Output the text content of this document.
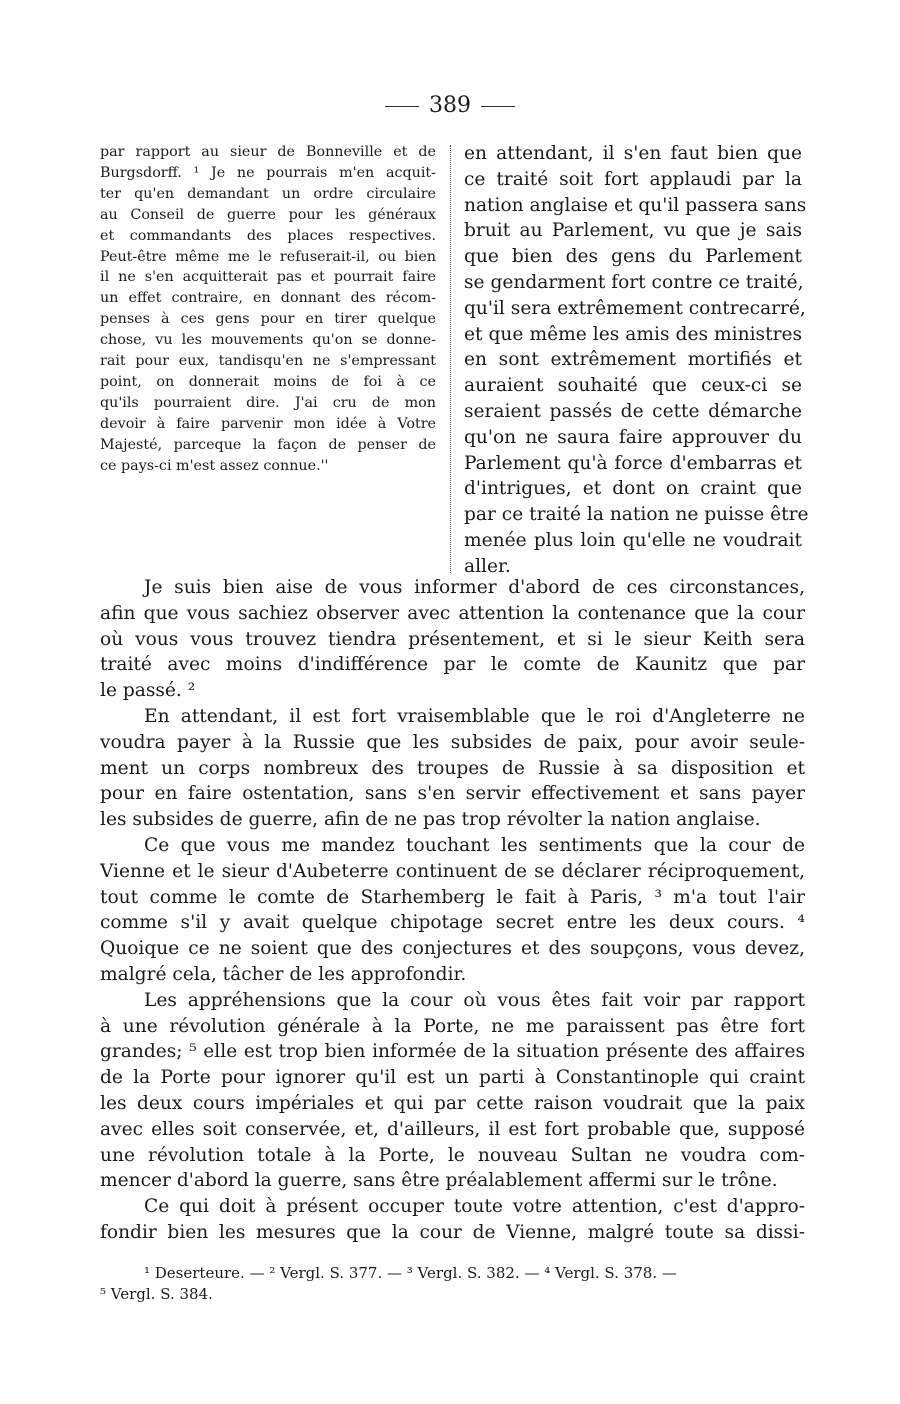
389
par rapport au sieur de Bonneville et de
Burgsdorff. ¹ Je ne pourrais m'en acquit-
ter qu'en demandant un ordre circulaire
au Conseil de guerre pour les généraux
et commandants des places respectives.
Peut-être même me le refuserait-il, ou bien
il ne s'en acquitterait pas et pourrait faire
un effet contraire, en donnant des récom-
penses à ces gens pour en tirer quelque
chose, vu les mouvements qu'on se donne-
rait pour eux, tandisqu'en ne s'empressant
point, on donnerait moins de foi à ce
qu'ils pourraient dire. J'ai cru de mon
devoir à faire parvenir mon idée à Votre
Majesté, parceque la façon de penser de
ce pays-ci m'est assez connue.''
en attendant, il s'en faut bien que
ce traité soit fort applaudi par la
nation anglaise et qu'il passera sans
bruit au Parlement, vu que je sais
que bien des gens du Parlement
se gendarment fort contre ce traité,
qu'il sera extrêmement contrecarré,
et que même les amis des ministres
en sont extrêmement mortifiés et
auraient souhaité que ceux-ci se
seraient passés de cette démarche
qu'on ne saura faire approuver du
Parlement qu'à force d'embarras et
d'intrigues, et dont on craint que
par ce traité la nation ne puisse être
menée plus loin qu'elle ne voudrait
aller.
Je suis bien aise de vous informer d'abord de ces circonstances,
afin que vous sachiez observer avec attention la contenance que la cour
où vous vous trouvez tiendra présentement, et si le sieur Keith sera
traité avec moins d'indifférence par le comte de Kaunitz que par
le passé. ²
En attendant, il est fort vraisemblable que le roi d'Angleterre ne
voudra payer à la Russie que les subsides de paix, pour avoir seule-
ment un corps nombreux des troupes de Russie à sa disposition et
pour en faire ostentation, sans s'en servir effectivement et sans payer
les subsides de guerre, afin de ne pas trop révolter la nation anglaise.
Ce que vous me mandez touchant les sentiments que la cour de
Vienne et le sieur d'Aubeterre continuent de se déclarer réciproquement,
tout comme le comte de Starhemberg le fait à Paris, ³ m'a tout l'air
comme s'il y avait quelque chipotage secret entre les deux cours. ⁴
Quoique ce ne soient que des conjectures et des soupçons, vous devez,
malgré cela, tâcher de les approfondir.
Les appréhensions que la cour où vous êtes fait voir par rapport
à une révolution générale à la Porte, ne me paraissent pas être fort
grandes; ⁵ elle est trop bien informée de la situation présente des affaires
de la Porte pour ignorer qu'il est un parti à Constantinople qui craint
les deux cours impériales et qui par cette raison voudrait que la paix
avec elles soit conservée, et, d'ailleurs, il est fort probable que, supposé
une révolution totale à la Porte, le nouveau Sultan ne voudra com-
mencer d'abord la guerre, sans être préalablement affermi sur le trône.
Ce qui doit à présent occuper toute votre attention, c'est d'appro-
fondir bien les mesures que la cour de Vienne, malgré toute sa dissi-
¹ Deserteure. — ² Vergl. S. 377. — ³ Vergl. S. 382. — ⁴ Vergl. S. 378. —
⁵ Vergl. S. 384.
